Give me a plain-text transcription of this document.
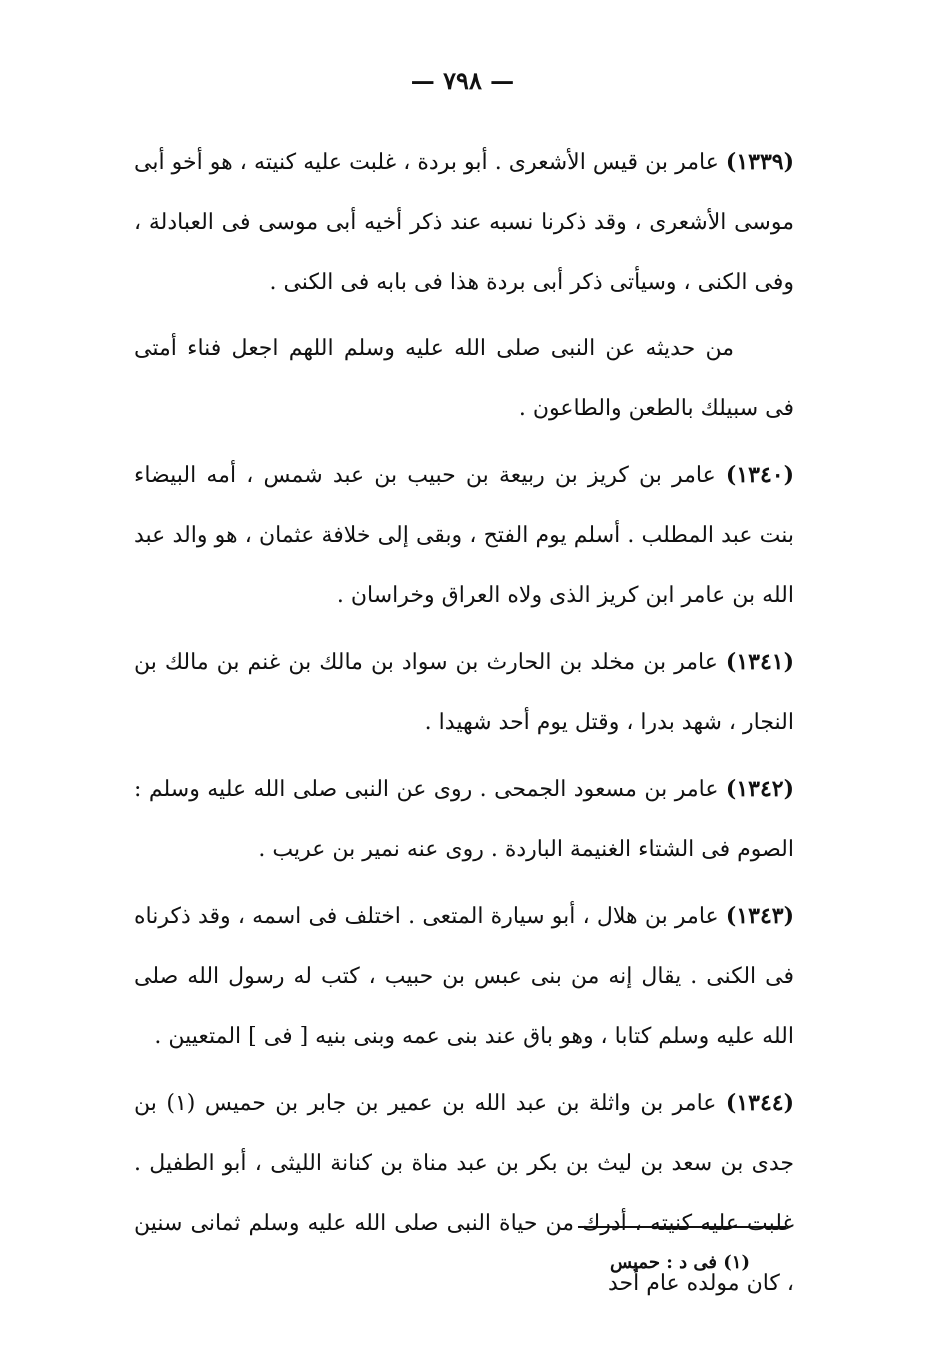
— ٧٩٨ —

(١٣٣٩) عامر بن قيس الأشعرى . أبو بردة ، غلبت عليه كنيته ، هو أخو أبى موسى الأشعرى ، وقد ذكرنا نسبه عند ذكر أخيه أبى موسى فى العبادلة ، وفى الكنى ، وسيأتى ذكر أبى بردة هذا فى بابه فى الكنى .

من حديثه عن النبى صلى الله عليه وسلم اللهم اجعل فناء أمتى فى سبيلك بالطعن والطاعون .

(١٣٤٠) عامر بن كريز بن ربيعة بن حبيب بن عبد شمس ، أمه البيضاء بنت عبد المطلب . أسلم يوم الفتح ، وبقى إلى خلافة عثمان ، هو والد عبد الله بن عامر ابن كريز الذى ولاه العراق وخراسان .

(١٣٤١) عامر بن مخلد بن الحارث بن سواد بن مالك بن غنم بن مالك بن النجار ، شهد بدرا ، وقتل يوم أحد شهيدا .

(١٣٤٢) عامر بن مسعود الجمحى . روى عن النبى صلى الله عليه وسلم : الصوم فى الشتاء الغنيمة الباردة . روى عنه نمير بن عريب .

(١٣٤٣) عامر بن هلال ، أبو سيارة المتعى . اختلف فى اسمه ، وقد ذكرناه فى الكنى . يقال إنه من بنى عبس بن حبيب ، كتب له رسول الله صلى الله عليه وسلم كتابا ، وهو باق عند بنى عمه وبنى بنيه [ فى ] المتعيين .

(١٣٤٤) عامر بن واثلة بن عبد الله بن عمير بن جابر بن حميس (١) بن جدى بن سعد بن ليث بن بكر بن عبد مناة بن كنانة الليثى ، أبو الطفيل . غلبت عليه كنيته ، أدرك من حياة النبى صلى الله عليه وسلم ثمانى سنين ، كان مولده عام أحد

(١) فى د : حميس
